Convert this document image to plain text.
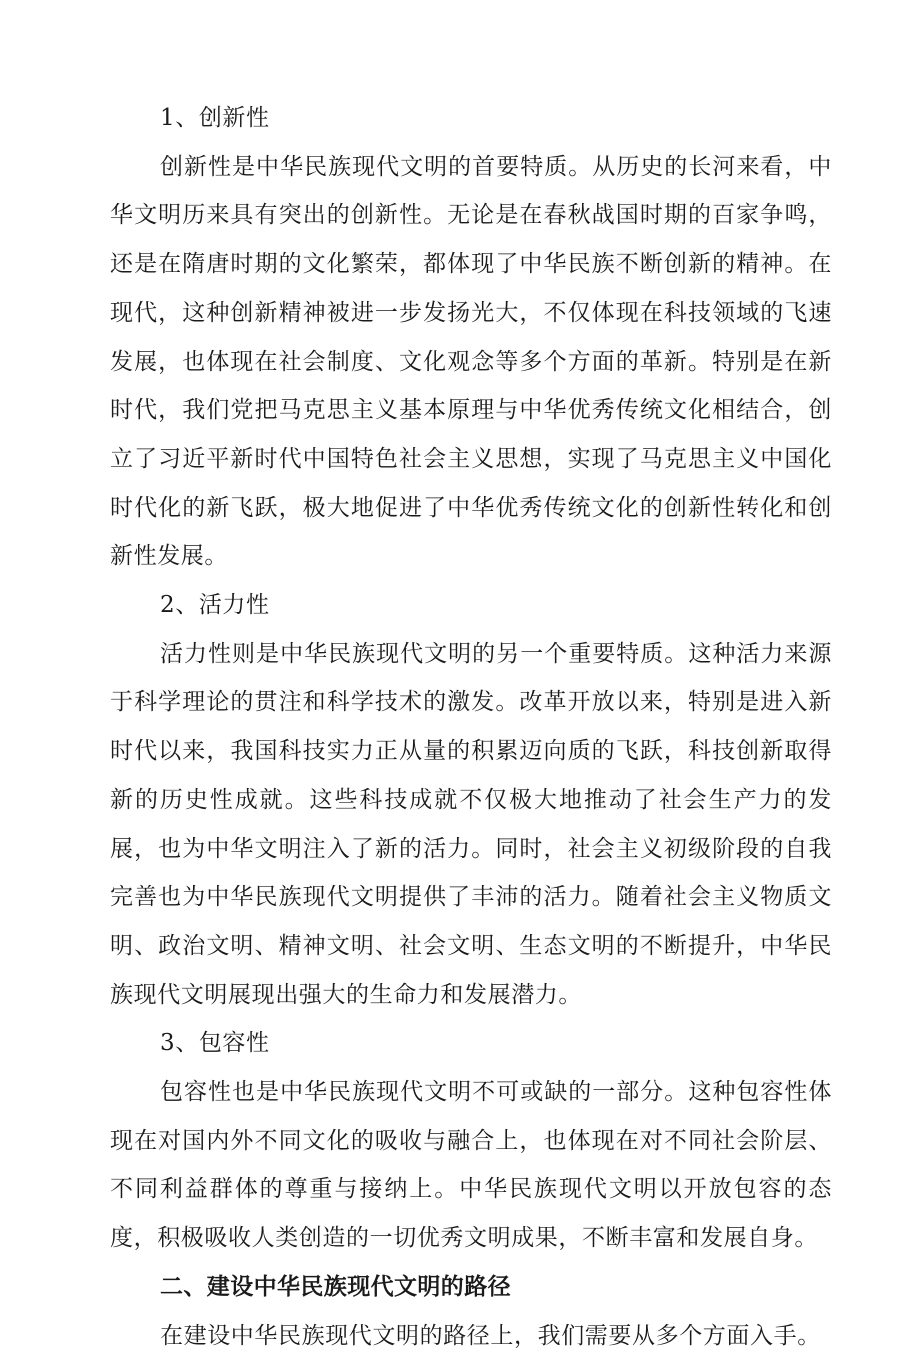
1、创新性

创新性是中华民族现代文明的首要特质。从历史的长河来看，中华文明历来具有突出的创新性。无论是在春秋战国时期的百家争鸣，还是在隋唐时期的文化繁荣，都体现了中华民族不断创新的精神。在现代，这种创新精神被进一步发扬光大，不仅体现在科技领域的飞速发展，也体现在社会制度、文化观念等多个方面的革新。特别是在新时代，我们党把马克思主义基本原理与中华优秀传统文化相结合，创立了习近平新时代中国特色社会主义思想，实现了马克思主义中国化时代化的新飞跃，极大地促进了中华优秀传统文化的创新性转化和创新性发展。

2、活力性

活力性则是中华民族现代文明的另一个重要特质。这种活力来源于科学理论的贯注和科学技术的激发。改革开放以来，特别是进入新时代以来，我国科技实力正从量的积累迈向质的飞跃，科技创新取得新的历史性成就。这些科技成就不仅极大地推动了社会生产力的发展，也为中华文明注入了新的活力。同时，社会主义初级阶段的自我完善也为中华民族现代文明提供了丰沛的活力。随着社会主义物质文明、政治文明、精神文明、社会文明、生态文明的不断提升，中华民族现代文明展现出强大的生命力和发展潜力。

3、包容性

包容性也是中华民族现代文明不可或缺的一部分。这种包容性体现在对国内外不同文化的吸收与融合上，也体现在对不同社会阶层、不同利益群体的尊重与接纳上。中华民族现代文明以开放包容的态度，积极吸收人类创造的一切优秀文明成果，不断丰富和发展自身。

二、建设中华民族现代文明的路径

在建设中华民族现代文明的路径上，我们需要从多个方面入手。
